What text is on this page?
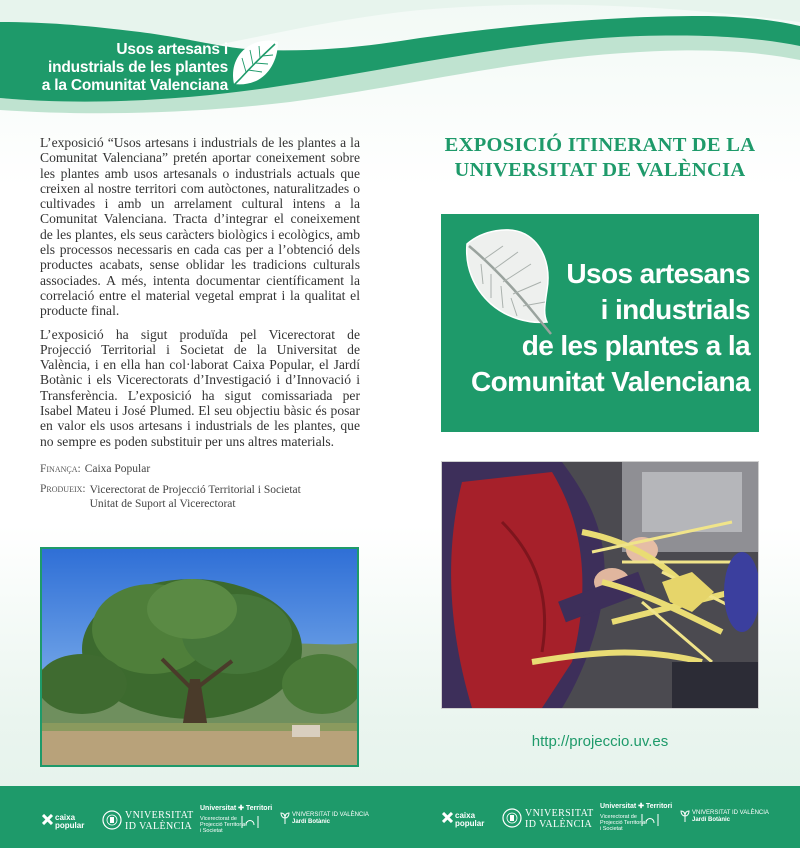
Usos artesans i
industrials de les plantes
a la Comunitat Valenciana

L’exposició “Usos artesans i industrials de les plantes a la Comunitat Valenciana” pretén aportar coneixement sobre les plantes amb usos artesanals o industrials actuals que creixen al nostre territori com autòctones, naturalitzades o cultivades i amb un arrelament cultural intens a la Comunitat Valenciana. Tracta d’integrar el coneixement de les plantes, els seus caràcters biològics i ecològics, amb els processos necessaris en cada cas per a l’obtenció dels productes acabats, sense oblidar les tradicions culturals associades. A més, intenta documentar científicament la correlació entre el material vegetal emprat i la qualitat el producte final.

L’exposició ha sigut produïda pel Vicerectorat de Projecció Territorial i Societat de la Universitat de València, i en ella han col·laborat Caixa Popular, el Jardí Botànic i els Vicerectorats d’Investigació i d’Innovació i Transferència. L’exposició ha sigut comissariada per Isabel Mateu i José Plumed. El seu objectiu bàsic és posar en valor els usos artesans i industrials de les plantes, que no sempre es poden substituir per uns altres materials.

Finança: Caixa Popular
Produeix: Vicerectorat de Projecció Territorial i Societat
Unitat de Suport al Vicerectorat
EXPOSICIÓ ITINERANT DE LA
UNIVERSITAT DE VALÈNCIA
Usos artesans
i industrials
de les plantes a la
Comunitat Valenciana
http://projeccio.uv.es
caixa
popular
VNIVERSITAT
ID VALÈNCIA
Universitat ✚ Territori
Vicerectorat de
Projecció Territorial
i Societat
VNIVERSITAT ID VALÈNCIA
Jardí Botànic
caixa
popular
VNIVERSITAT
ID VALÈNCIA
Universitat ✚ Territori
Vicerectorat de
Projecció Territorial
i Societat
VNIVERSITAT ID VALÈNCIA
Jardí Botànic
